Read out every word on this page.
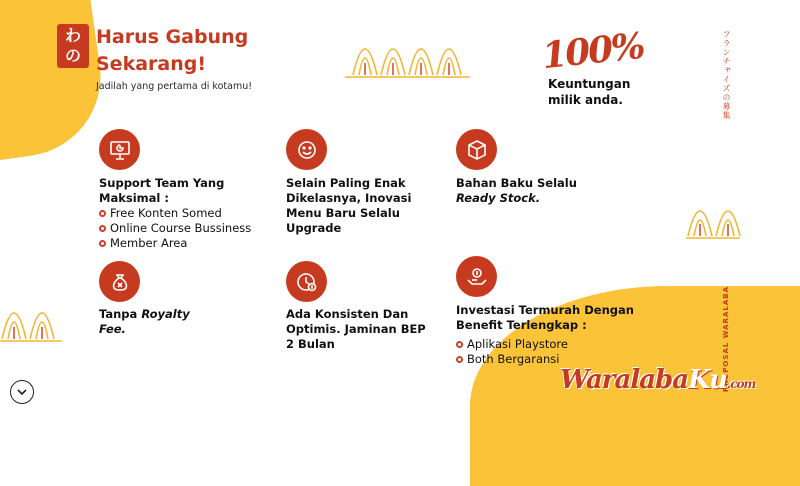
わ
の
Harus Gabung Sekarang!
Jadilah yang pertama di kotamu!
100%
Keuntungan milik anda.	フランチャイズの募集
PROPOSAL WARALABA
Support Team Yang Maksimal :
Free Konten Somed
Online Course Bussiness
Member Area
Selain Paling Enak Dikelasnya, Inovasi Menu Baru Selalu Upgrade
Bahan Baku Selalu
Ready Stock.
Tanpa Royalty Fee.
Ada Konsisten Dan Optimis. Jaminan BEP 2 Bulan
Investasi Termurah Dengan Benefit Terlengkap :
Aplikasi Playstore
Both Bergaransi
WaralabaKu.com
